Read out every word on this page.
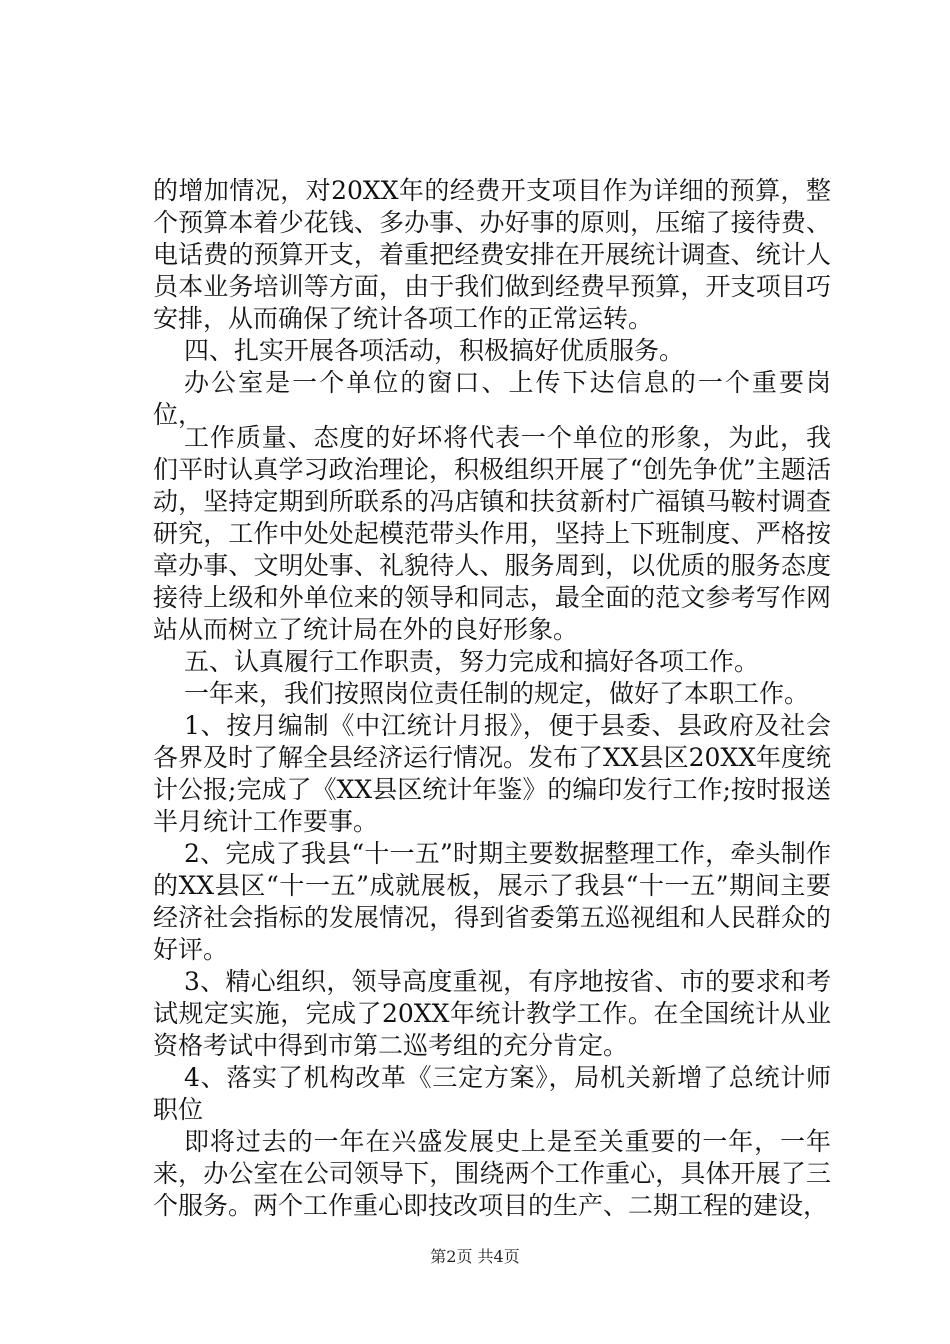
的增加情况，对20XX年的经费开支项目作为详细的预算，整个预算本着少花钱、多办事、办好事的原则，压缩了接待费、电话费的预算开支，着重把经费安排在开展统计调查、统计人员本业务培训等方面，由于我们做到经费早预算，开支项目巧安排，从而确保了统计各项工作的正常运转。

四、扎实开展各项活动，积极搞好优质服务。

办公室是一个单位的窗口、上传下达信息的一个重要岗位，

工作质量、态度的好坏将代表一个单位的形象，为此，我们平时认真学习政治理论，积极组织开展了“创先争优”主题活动，坚持定期到所联系的冯店镇和扶贫新村广福镇马鞍村调查研究，工作中处处起模范带头作用，坚持上下班制度、严格按章办事、文明处事、礼貌待人、服务周到，以优质的服务态度接待上级和外单位来的领导和同志，最全面的范文参考写作网站从而树立了统计局在外的良好形象。

五、认真履行工作职责，努力完成和搞好各项工作。

一年来，我们按照岗位责任制的规定，做好了本职工作。

1、按月编制《中江统计月报》，便于县委、县政府及社会各界及时了解全县经济运行情况。发布了XX县区20XX年度统计公报;完成了《XX县区统计年鉴》的编印发行工作;按时报送半月统计工作要事。

2、完成了我县“十一五”时期主要数据整理工作，牵头制作的XX县区“十一五”成就展板，展示了我县“十一五”期间主要经济社会指标的发展情况，得到省委第五巡视组和人民群众的好评。

3、精心组织，领导高度重视，有序地按省、市的要求和考试规定实施，完成了20XX年统计教学工作。在全国统计从业资格考试中得到市第二巡考组的充分肯定。

4、落实了机构改革《三定方案》，局机关新增了总统计师职位

即将过去的一年在兴盛发展史上是至关重要的一年，一年来，办公室在公司领导下，围绕两个工作重心，具体开展了三个服务。两个工作重心即技改项目的生产、二期工程的建设，

第2页 共4页
